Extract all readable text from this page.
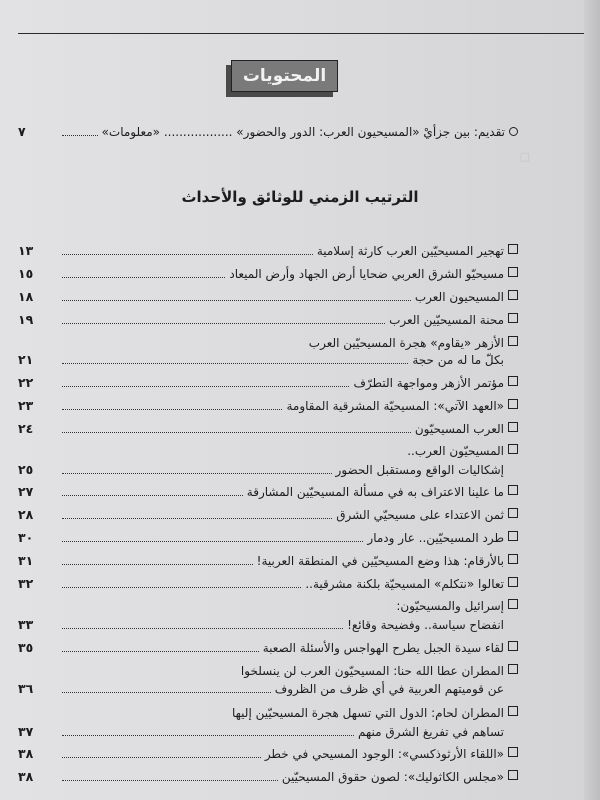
المحتويات
▢
تقديم: بين جزأيْ «المسيحيون العرب: الدور والحضور» .................. «معلومات»
٧
الترتيب الزمني للوثائق والأحداث
تهجير المسيحيّين العرب كارثة إسلامية
١٣
مسيحيّو الشرق العربي ضحايا أرض الجهاد وأرض الميعاد
١٥
المسيحيون العرب
١٨
محنة المسيحيّين العرب
١٩
الأزهر «يقاوم» هجرة المسيحيّين العرب
بكلّ ما له من حجة
٢١
مؤتمر الأزهر ومواجهة التطرّف
٢٢
«العهد الآتي»: المسيحيّة المشرقية المقاومة
٢٣
العرب المسيحيّون
٢٤
المسيحيّون العرب..
إشكاليات الواقع ومستقبل الحضور
٢٥
ما علينا الاعتراف به في مسألة المسيحيّين المشارقة
٢٧
ثمن الاعتداء على مسيحيّي الشرق
٢٨
طرد المسيحيّين.. عار ودمار
٣٠
بالأرقام: هذا وضع المسيحيّين في المنطقة العربية!
٣١
تعالوا «نتكلم» المسيحيّة بلكنة مشرقية..
٣٢
إسرائيل والمسيحيّون:
انفضاح سياسة.. وفضيحة وقائع!
٣٣
لقاء سيدة الجبل يطرح الهواجس والأسئلة الصعبة
٣٥
المطران عطا الله حنا: المسيحيّون العرب لن ينسلخوا
عن قوميتهم العربية في أي ظرف من الظروف
٣٦
المطران لحام: الدول التي تسهل هجرة المسيحيّين إليها
تساهم في تفريغ الشرق منهم
٣٧
«اللقاء الأرثوذكسي»: الوجود المسيحي في خطر
٣٨
«مجلس الكاثوليك»: لصون حقوق المسيحيّين
٣٨
